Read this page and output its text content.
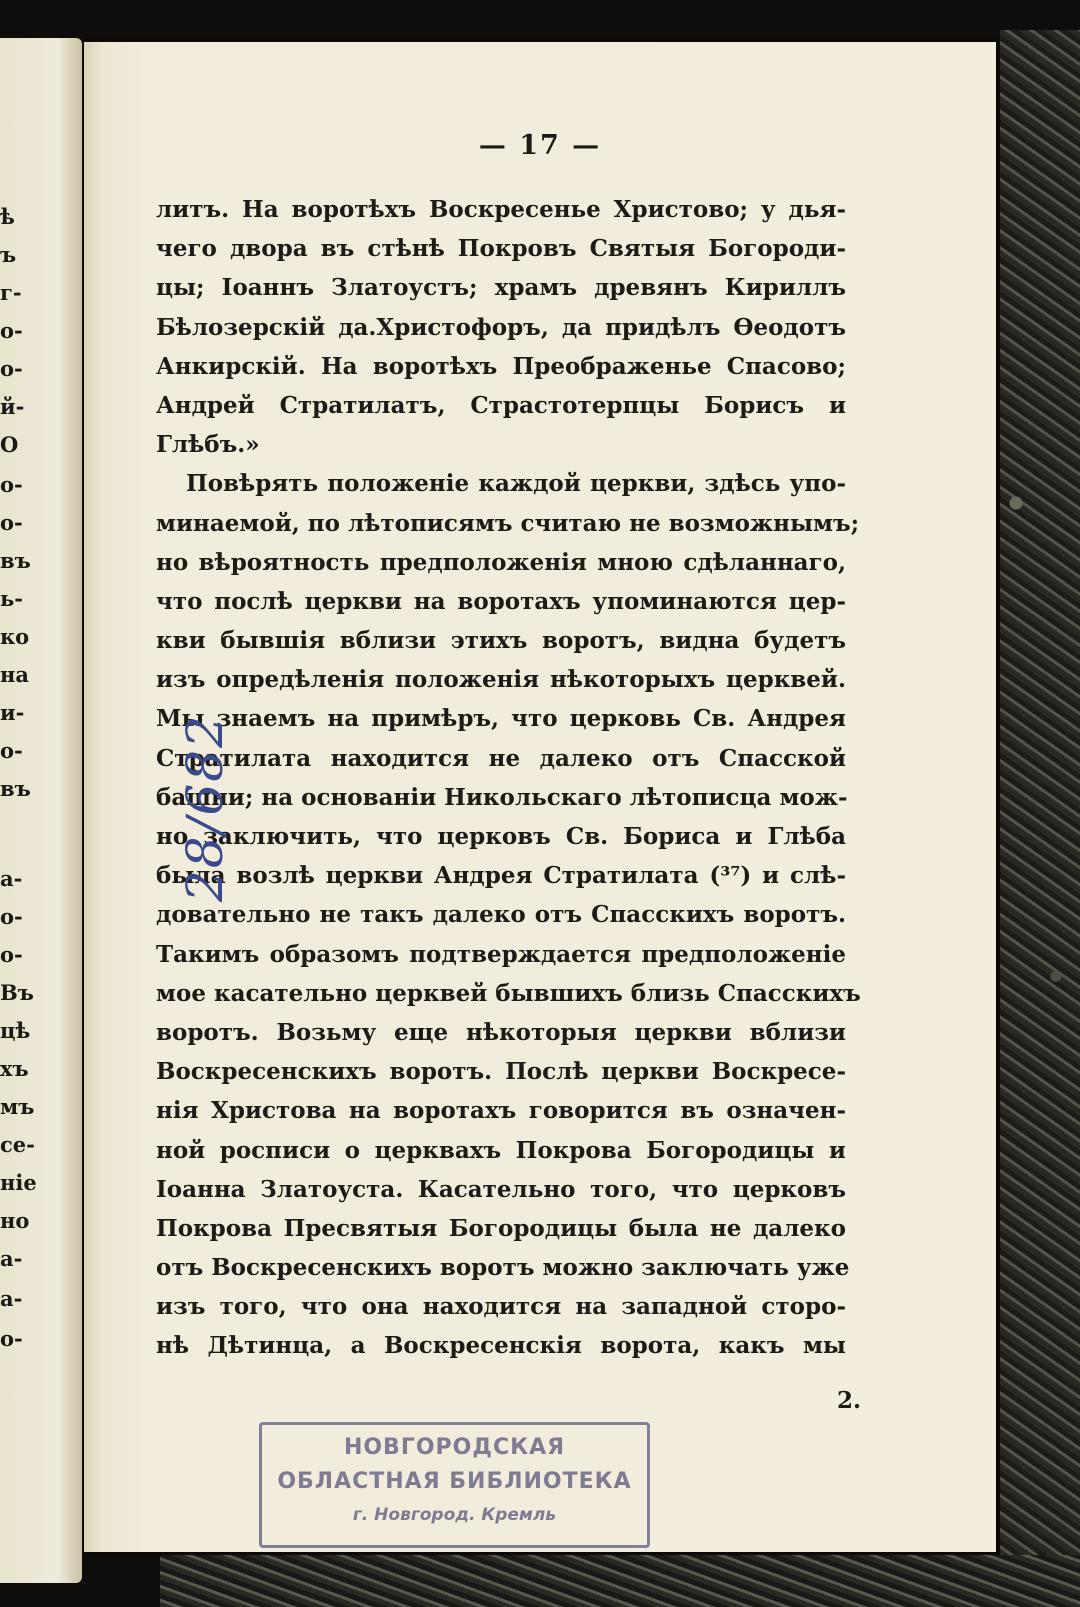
ѣ
ъ
г-
о-
о-
й-
О
о-
о-
въ
ь-
ко
на
и-
о-
въ
а-
о-
о-
Въ
цѣ
хъ
мъ
се-
ніе
но
а-
а-
о-
— 17 —
литъ. На воротѣхъ Воскресенье Христово; у дья-
чего двора въ стѣнѣ Покровъ Святыя Богороди-
цы; Іоаннъ Златоустъ; храмъ древянъ Кириллъ
Бѣлозерскій да.Христофоръ, да придѣлъ Ѳеодотъ
Анкирскій. На воротѣхъ Преображенье Спасово;
Андрей Стратилатъ, Страстотерпцы Борисъ и
Глѣбъ.»
Повѣрять положеніе каждой церкви, здѣсь упо-
минаемой, по лѣтописямъ считаю не возможнымъ;
но вѣроятность предположенія мною сдѣланнаго,
что послѣ церкви на воротахъ упоминаются цер-
кви бывшія вблизи этихъ воротъ, видна будетъ
изъ опредѣленія положенія нѣкоторыхъ церквей.
Мы знаемъ на примѣръ, что церковь Св. Андрея
Стратилата находится не далеко отъ Спасской
башни; на основаніи Никольскаго лѣтописца мож-
но заключить, что церковъ Св. Бориса и Глѣба
была возлѣ церкви Андрея Стратилата (³⁷) и слѣ-
довательно не такъ далеко отъ Спасскихъ воротъ.
Такимъ образомъ подтверждается предположеніе
мое касательно церквей бывшихъ близь Спасскихъ
воротъ. Возьму еще нѣкоторыя церкви вблизи
Воскресенскихъ воротъ. Послѣ церкви Воскресе-
нія Христова на воротахъ говорится въ означен-
ной росписи о церквахъ Покрова Богородицы и
Іоанна Златоуста. Касательно того, что церковъ
Покрова Пресвятыя Богородицы была не далеко
отъ Воскресенскихъ воротъ можно заключать уже
изъ того, что она находится на западной сторо-
нѣ Дѣтинца, а Воскресенскія ворота, какъ мы
2.
28/682
НОВГОРОДСКАЯ
ОБЛАСТНАЯ БИБЛИОТЕКА
г. Новгород. Кремль
